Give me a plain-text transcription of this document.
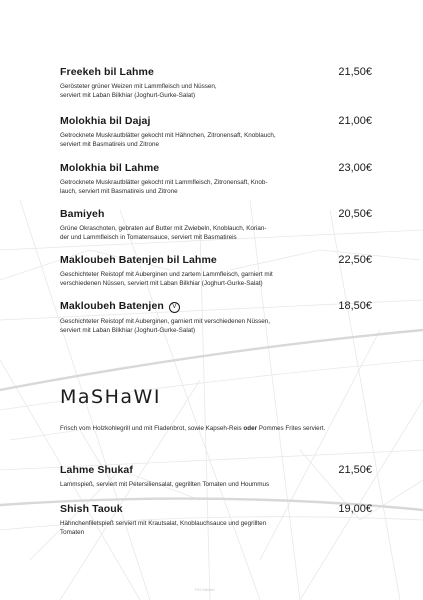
Freekeh bil Lahme	21,50€
Gerösteter grüner Weizen mit Lammfleisch und Nüssen,
serviert mit Laban Bilkhiar (Joghurt-Gurke-Salat)
Molokhia bil Dajaj	21,00€
Getrocknete Muskrautblätter gekocht mit Hähnchen, Zitronensaft, Knoblauch,
serviert mit Basmatireis und Zitrone
Molokhia bil Lahme	23,00€
Getrocknete Muskrautblätter gekocht mit Lammfleisch, Zitronensaft, Knob-
lauch, serviert mit Basmatireis und Zitrone
Bamiyeh	20,50€
Grüne Okraschoten, gebraten auf Butter mit Zwiebeln, Knoblauch, Korian-
der und Lammfleisch in Tomatensauce, serviert mit Basmatireis
Makloubeh Batenjen bil Lahme	22,50€
Geschichteter Reistopf mit Auberginen und zartem Lammfleisch, garniert mit
verschiedenen Nüssen, serviert mit Laban Bilkhiar (Joghurt-Gurke-Salat)
Makloubeh Batenjen V	18,50€
Geschichteter Reistopf mit Auberginen, garniert mit verschiedenen Nüssen,
serviert mit Laban Bilkhiar (Joghurt-Gurke-Salat)
MaSHaWI
Frisch vom Holzkohlegrill und mit Fladenbrot, sowie Kapseh-Reis oder Pommes Frites serviert.
Lahme Shukaf	21,50€
Lammspieß, serviert mit Petersiliensalat, gegrillten Tomaten und Hoummus
Shish Taouk	19,00€
Hähnchenfiletspieß serviert mit Krautsalat, Knoblauchsauce und gegrillten
Tomaten
Pet Steiner
